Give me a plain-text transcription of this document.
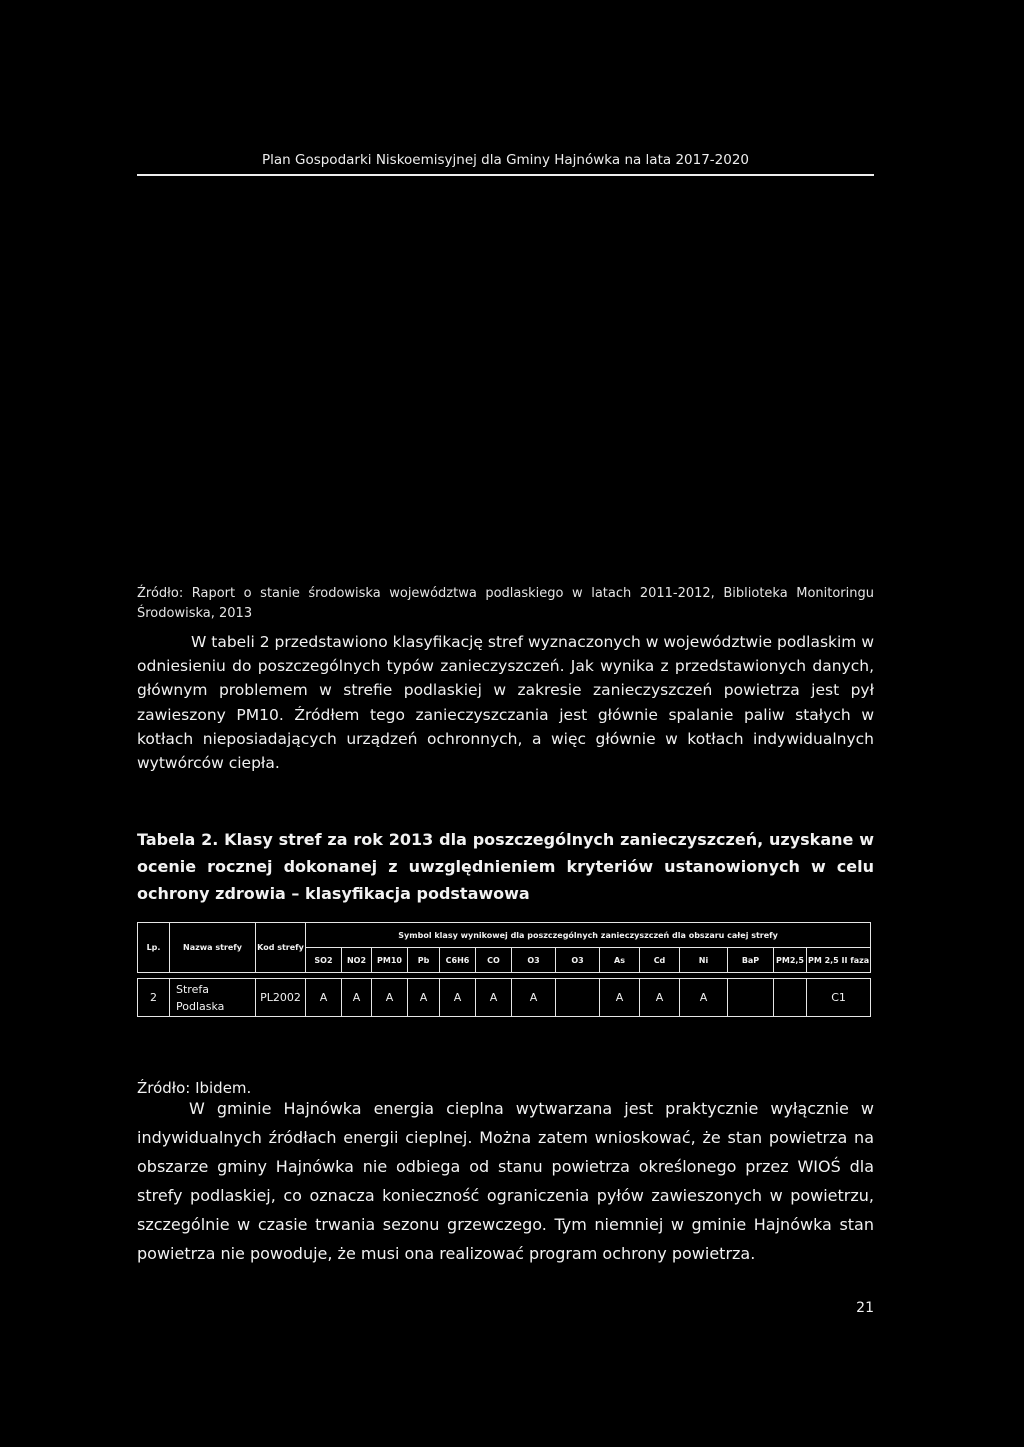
Plan Gospodarki Niskoemisyjnej dla Gminy Hajnówka na lata 2017-2020
Źródło: Raport o stanie środowiska województwa podlaskiego w latach 2011-2012, Biblioteka Monitoringu Środowiska, 2013
W tabeli 2 przedstawiono klasyfikację stref wyznaczonych w województwie podlaskim w odniesieniu do poszczególnych typów zanieczyszczeń. Jak wynika z przedstawionych danych, głównym problemem w strefie podlaskiej w zakresie zanieczyszczeń powietrza jest pył zawieszony PM10. Źródłem tego zanieczyszczania jest głównie spalanie paliw stałych w kotłach nieposiadających urządzeń ochronnych, a więc głównie w kotłach indywidualnych wytwórców ciepła.
Tabela 2. Klasy stref za rok 2013 dla poszczególnych zanieczyszczeń, uzyskane w ocenie rocznej dokonanej z uwzględnieniem kryteriów ustanowionych w celu ochrony zdrowia – klasyfikacja podstawowa
Lp.	Nazwa strefy	Kod strefy	Symbol klasy wynikowej dla poszczególnych zanieczyszczeń dla obszaru całej strefy													
			SO2	NO2	PM10	Pb	C6H6	CO	O3	O3	As	Cd	Ni	BaP	PM2,5	PM 2,5 II faza

2	Strefa Podlaska	PL2002	A	A	A	A	A	A	A		A	A	A			C1
Źródło: Ibidem.
W gminie Hajnówka energia cieplna wytwarzana jest praktycznie wyłącznie w indywidualnych źródłach energii cieplnej. Można zatem wnioskować, że stan powietrza na obszarze gminy Hajnówka nie odbiega od stanu powietrza określonego przez WIOŚ dla strefy podlaskiej, co oznacza konieczność ograniczenia pyłów zawieszonych w powietrzu, szczególnie w czasie trwania sezonu grzewczego. Tym niemniej w gminie Hajnówka stan powietrza nie powoduje, że musi ona realizować program ochrony powietrza.
21
